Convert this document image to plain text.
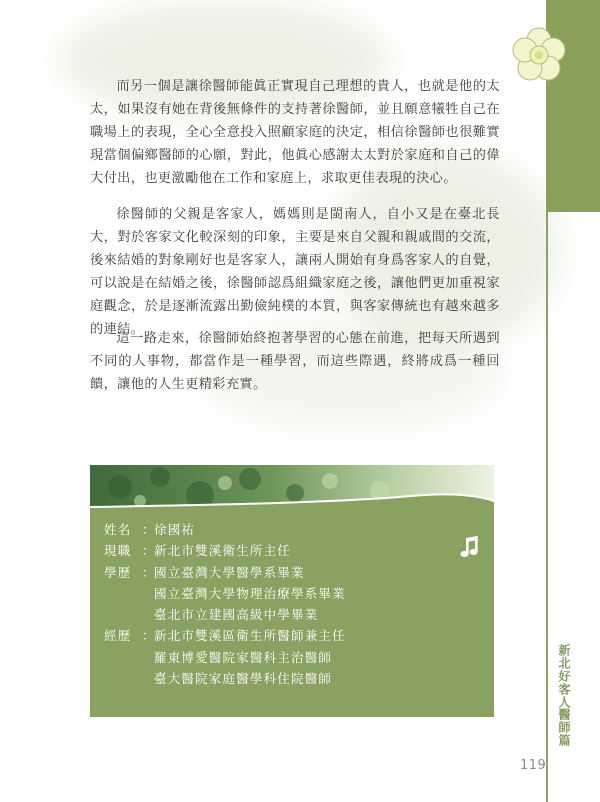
而另一個是讓徐醫師能眞正實現自己理想的貴人，也就是他的太太，如果沒有她在背後無條件的支持著徐醫師，並且願意犧牲自己在職場上的表現，全心全意投入照顧家庭的決定，相信徐醫師也很難實現當個偏鄉醫師的心願，對此，他眞心感謝太太對於家庭和自己的偉大付出，也更激勵他在工作和家庭上，求取更佳表現的決心。
徐醫師的父親是客家人，媽媽則是閩南人，自小又是在臺北長大，對於客家文化較深刻的印象，主要是來自父親和親戚間的交流，後來結婚的對象剛好也是客家人，讓兩人開始有身爲客家人的自覺，可以說是在結婚之後，徐醫師認爲組織家庭之後，讓他們更加重視家庭觀念，於是逐漸流露出勤儉純樸的本質，與客家傳統也有越來越多的連結。
這一路走來，徐醫師始終抱著學習的心態在前進，把每天所遇到不同的人事物，都當作是一種學習，而這些際遇，終將成爲一種回饋，讓他的人生更精彩充實。
姓名 ：
徐國祐
現職 ：
新北市雙溪衛生所主任
學歷 ：
國立臺灣大學醫學系畢業
國立臺灣大學物理治療學系畢業
臺北市立建國高級中學畢業
經歷 ：
新北市雙溪區衛生所醫師兼主任
羅東博愛醫院家醫科主治醫師
臺大醫院家庭醫學科住院醫師	新北好客人
醫師篇
119
